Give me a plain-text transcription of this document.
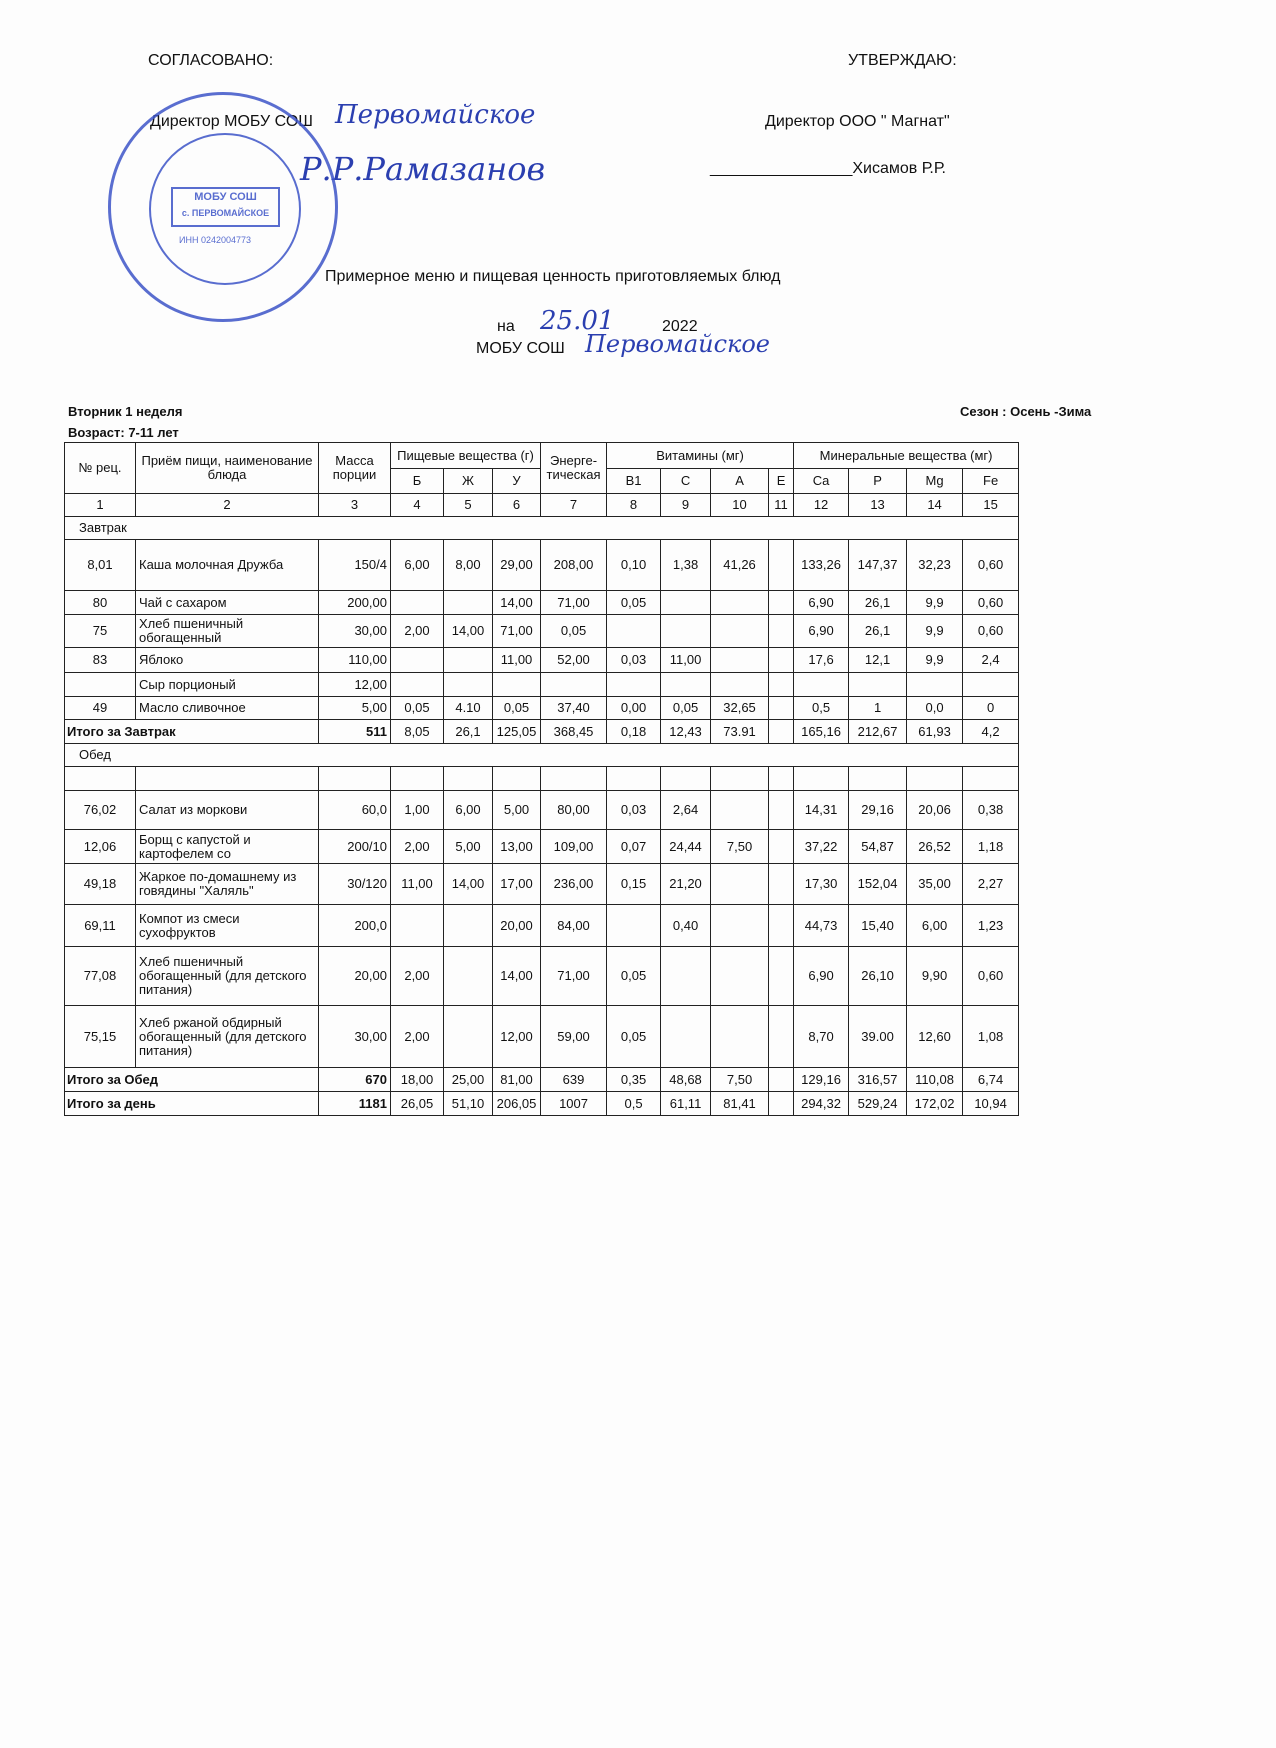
СОГЛАСОВАНО:	УТВЕРЖДАЮ:
Директор МОБУ СОШ Первомайское
Р.Р.Рамазанов
Директор ООО " Магнат"
________________Хисамов Р.Р.
МОБУ СОШ
с. ПЕРВОМАЙСКОЕ
ИНН 0242004773
Примерное меню и пищевая ценность приготовляемых блюд
на 25.01	2022
МОБУ СОШ Первомайское
Вторник 1 неделя	Сезон : Осень -Зима
Возраст: 7-11 лет
№ рец.	Приём пищи, наименование блюда	Масса порции	Пищевые вещества (г)			Энерге-тическая	Витамины (мг)				Минеральные вещества (мг)			
			Б	Ж	У		В1	С	А	Е	Ca	P	Mg	Fe
1	2	3	4	5	6	7	8	9	10	11	12	13	14	15
Завтрак														
8,01	Каша молочная Дружба	150/4	6,00	8,00	29,00	208,00	0,10	1,38	41,26		133,26	147,37	32,23	0,60
80	Чай с сахаром	200,00			14,00	71,00	0,05				6,90	26,1	9,9	0,60
75	Хлеб пшеничный обогащенный	30,00	2,00	14,00	71,00	0,05					6,90	26,1	9,9	0,60
83	Яблоко	110,00			11,00	52,00	0,03	11,00			17,6	12,1	9,9	2,4
	Сыр порционый	12,00												
49	Масло сливочное	5,00	0,05	4.10	0,05	37,40	0,00	0,05	32,65		0,5	1	0,0	0
Итого за Завтрак		511	8,05	26,1	125,05	368,45	0,18	12,43	73.91		165,16	212,67	61,93	4,2
Обед														

76,02	Салат из моркови	60,0	1,00	6,00	5,00	80,00	0,03	2,64			14,31	29,16	20,06	0,38
12,06	Борщ с капустой и картофелем со	200/10	2,00	5,00	13,00	109,00	0,07	24,44	7,50		37,22	54,87	26,52	1,18
49,18	Жаркое по-домашнему из говядины "Халяль"	30/120	11,00	14,00	17,00	236,00	0,15	21,20			17,30	152,04	35,00	2,27
69,11	Компот из смеси сухофруктов	200,0			20,00	84,00		0,40			44,73	15,40	6,00	1,23
77,08	Хлеб пшеничный обогащенный (для детского питания)	20,00	2,00		14,00	71,00	0,05				6,90	26,10	9,90	0,60
75,15	Хлеб ржаной обдирный обогащенный (для детского питания)	30,00	2,00		12,00	59,00	0,05				8,70	39.00	12,60	1,08
Итого за Обед		670	18,00	25,00	81,00	639	0,35	48,68	7,50		129,16	316,57	110,08	6,74
Итого за день		1181	26,05	51,10	206,05	1007	0,5	61,11	81,41		294,32	529,24	172,02	10,94
